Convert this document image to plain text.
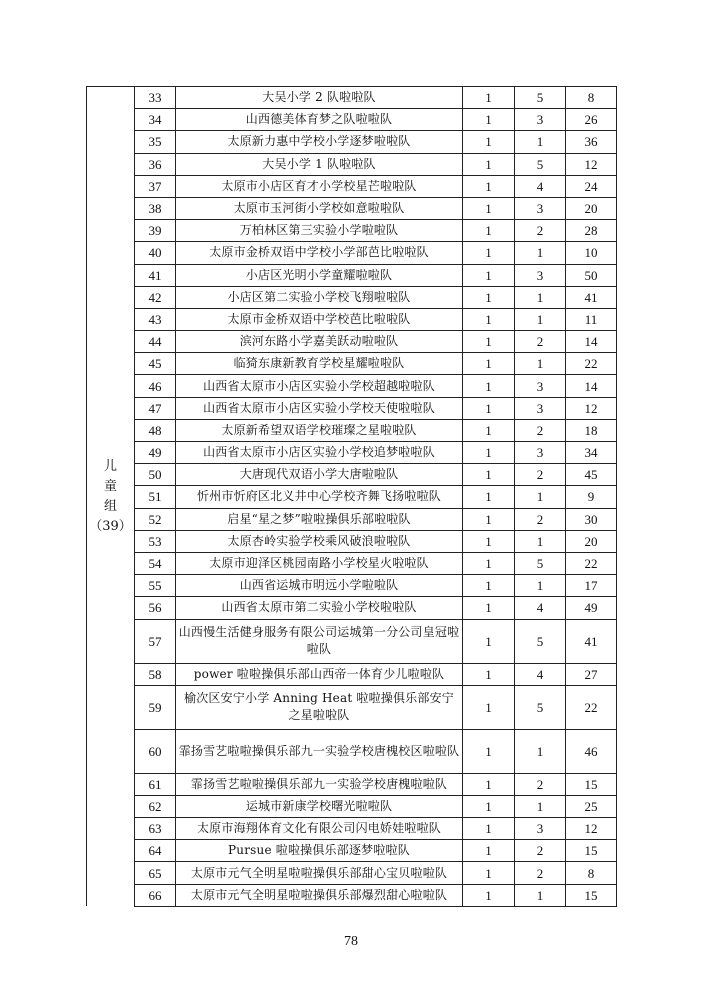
儿
童
组
（39）	33	大吴小学 2 队啦啦队	1	5	8
	34	山西德美体育梦之队啦啦队	1	3	26
	35	太原新力惠中学校小学逐梦啦啦队	1	1	36
	36	大吴小学 1 队啦啦队	1	5	12
	37	太原市小店区育才小学校星芒啦啦队	1	4	24
	38	太原市玉河街小学校如意啦啦队	1	3	20
	39	万柏林区第三实验小学啦啦队	1	2	28
	40	太原市金桥双语中学校小学部芭比啦啦队	1	1	10
	41	小店区光明小学童耀啦啦队	1	3	50
	42	小店区第二实验小学校飞翔啦啦队	1	1	41
	43	太原市金桥双语中学校芭比啦啦队	1	1	11
	44	滨河东路小学嘉美跃动啦啦队	1	2	14
	45	临猗东康新教育学校星耀啦啦队	1	1	22
	46	山西省太原市小店区实验小学校超越啦啦队	1	3	14
	47	山西省太原市小店区实验小学校天使啦啦队	1	3	12
	48	太原新希望双语学校璀璨之星啦啦队	1	2	18
	49	山西省太原市小店区实验小学校追梦啦啦队	1	3	34
	50	大唐现代双语小学大唐啦啦队	1	2	45
	51	忻州市忻府区北义井中心学校齐舞飞扬啦啦队	1	1	9
	52	启星“星之梦”啦啦操俱乐部啦啦队	1	2	30
	53	太原杏岭实验学校乘风破浪啦啦队	1	1	20
	54	太原市迎泽区桃园南路小学校星火啦啦队	1	5	22
	55	山西省运城市明远小学啦啦队	1	1	17
	56	山西省太原市第二实验小学校啦啦队	1	4	49
	57	山西慢生活健身服务有限公司运城第一分公司皇冠啦啦队	1	5	41
	58	power 啦啦操俱乐部山西帝一体育少儿啦啦队	1	4	27
	59	榆次区安宁小学 Anning Heat 啦啦操俱乐部安宁之星啦啦队	1	5	22
	60	霏扬雪艺啦啦操俱乐部九一实验学校唐槐校区啦啦队	1	1	46
	61	霏扬雪艺啦啦操俱乐部九一实验学校唐槐啦啦队	1	2	15
	62	运城市新康学校曙光啦啦队	1	1	25
	63	太原市海翔体育文化有限公司闪电娇娃啦啦队	1	3	12
	64	Pursue 啦啦操俱乐部逐梦啦啦队	1	2	15
	65	太原市元气全明星啦啦操俱乐部甜心宝贝啦啦队	1	2	8
	66	太原市元气全明星啦啦操俱乐部爆烈甜心啦啦队	1	1	15
78
